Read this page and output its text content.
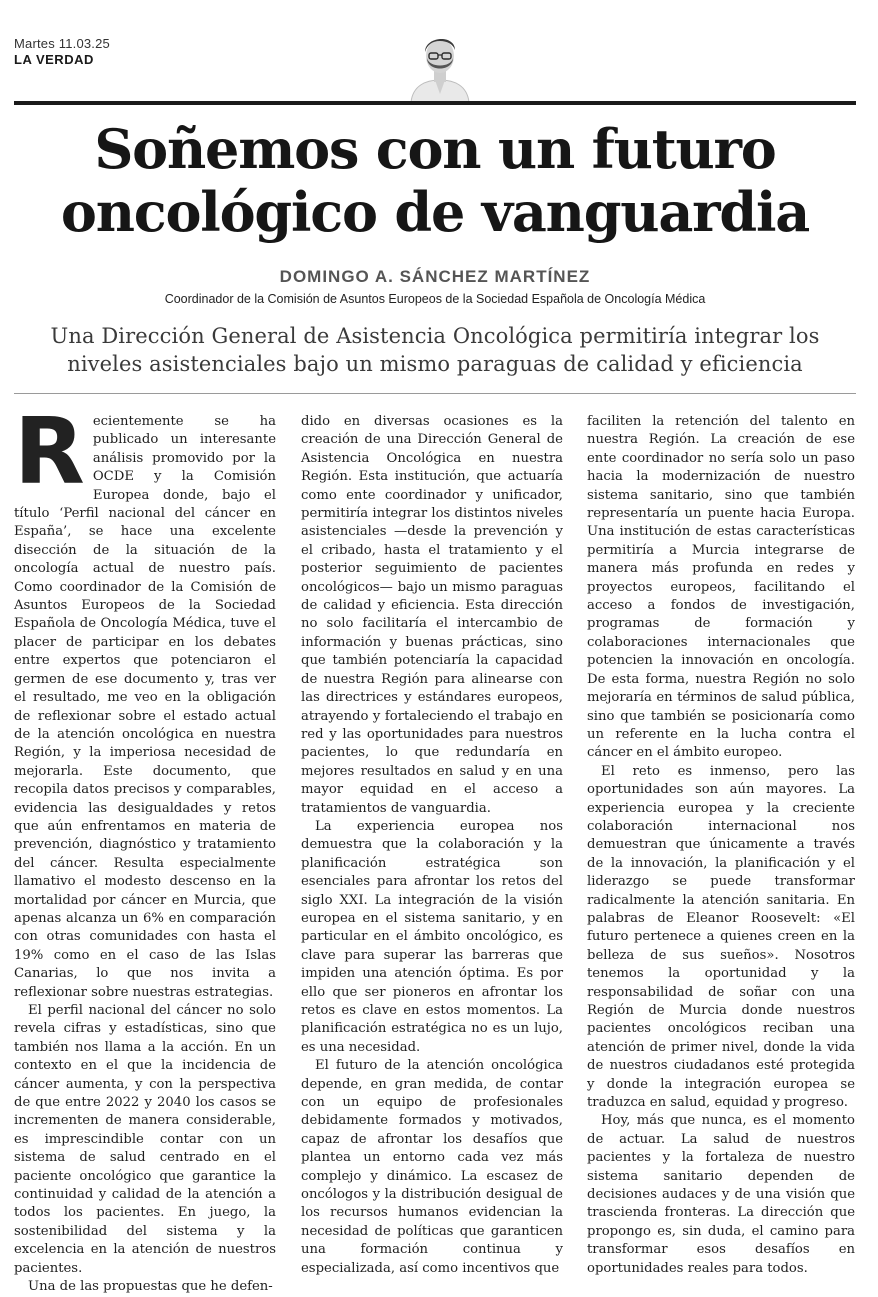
Martes 11.03.25
LA VERDAD
Soñemos con un futuro
oncológico de vanguardia
DOMINGO A. SÁNCHEZ MARTÍNEZ
Coordinador de la Comisión de Asuntos Europeos de la Sociedad Española de Oncología Médica
Una Dirección General de Asistencia Oncológica permitiría integrar los niveles asistenciales bajo un mismo paraguas de calidad y eficiencia

Recientemente se ha publicado un interesante análisis promovido por la OCDE y la Comisión Europea donde, bajo el título ‘Perfil nacional del cáncer en España’, se hace una excelente disección de la situación de la oncología actual de nuestro país. Como coordinador de la Comisión de Asuntos Europeos de la Sociedad Española de Oncología Médica, tuve el placer de participar en los debates entre expertos que potenciaron el germen de ese documento y, tras ver el resultado, me veo en la obligación de reflexionar sobre el estado actual de la atención oncológica en nuestra Región, y la imperiosa necesidad de mejorarla. Este documento, que recopila datos precisos y comparables, evidencia las desigualdades y retos que aún enfrentamos en materia de prevención, diagnóstico y tratamiento del cáncer. Resulta especialmente llamativo el modesto descenso en la mortalidad por cáncer en Murcia, que apenas alcanza un 6% en comparación con otras comunidades con hasta el 19% como en el caso de las Islas Canarias, lo que nos invita a reflexionar sobre nuestras estrategias.

El perfil nacional del cáncer no solo revela cifras y estadísticas, sino que también nos llama a la acción. En un contexto en el que la incidencia de cáncer aumenta, y con la perspectiva de que entre 2022 y 2040 los casos se incrementen de manera considerable, es imprescindible contar con un sistema de salud centrado en el paciente oncológico que garantice la continuidad y calidad de la atención a todos los pacientes. En juego, la sostenibilidad del sistema y la excelencia en la atención de nuestros pacientes.

Una de las propuestas que he defen-

dido en diversas ocasiones es la creación de una Dirección General de Asistencia Oncológica en nuestra Región. Esta institución, que actuaría como ente coordinador y unificador, permitiría integrar los distintos niveles asistenciales —desde la prevención y el cribado, hasta el tratamiento y el posterior seguimiento de pacientes oncológicos— bajo un mismo paraguas de calidad y eficiencia. Esta dirección no solo facilitaría el intercambio de información y buenas prácticas, sino que también potenciaría la capacidad de nuestra Región para alinearse con las directrices y estándares europeos, atrayendo y fortaleciendo el trabajo en red y las oportunidades para nuestros pacientes, lo que redundaría en mejores resultados en salud y en una mayor equidad en el acceso a tratamientos de vanguardia.

La experiencia europea nos demuestra que la colaboración y la planificación estratégica son esenciales para afrontar los retos del siglo XXI. La integración de la visión europea en el sistema sanitario, y en particular en el ámbito oncológico, es clave para superar las barreras que impiden una atención óptima. Es por ello que ser pioneros en afrontar los retos es clave en estos momentos. La planificación estratégica no es un lujo, es una necesidad.

El futuro de la atención oncológica depende, en gran medida, de contar con un equipo de profesionales debidamente formados y motivados, capaz de afrontar los desafíos que plantea un entorno cada vez más complejo y dinámico. La escasez de oncólogos y la distribución desigual de los recursos humanos evidencian la necesidad de políticas que garanticen una formación continua y especializada, así como incentivos que

faciliten la retención del talento en nuestra Región. La creación de ese ente coordinador no sería solo un paso hacia la modernización de nuestro sistema sanitario, sino que también representaría un puente hacia Europa. Una institución de estas características permitiría a Murcia integrarse de manera más profunda en redes y proyectos europeos, facilitando el acceso a fondos de investigación, programas de formación y colaboraciones internacionales que potencien la innovación en oncología. De esta forma, nuestra Región no solo mejoraría en términos de salud pública, sino que también se posicionaría como un referente en la lucha contra el cáncer en el ámbito europeo.

El reto es inmenso, pero las oportunidades son aún mayores. La experiencia europea y la creciente colaboración internacional nos demuestran que únicamente a través de la innovación, la planificación y el liderazgo se puede transformar radicalmente la atención sanitaria. En palabras de Eleanor Roosevelt: «El futuro pertenece a quienes creen en la belleza de sus sueños». Nosotros tenemos la oportunidad y la responsabilidad de soñar con una Región de Murcia donde nuestros pacientes oncológicos reciban una atención de primer nivel, donde la vida de nuestros ciudadanos esté protegida y donde la integración europea se traduzca en salud, equidad y progreso.

Hoy, más que nunca, es el momento de actuar. La salud de nuestros pacientes y la fortaleza de nuestro sistema sanitario dependen de decisiones audaces y de una visión que trascienda fronteras. La dirección que propongo es, sin duda, el camino para transformar esos desafíos en oportunidades reales para todos.
